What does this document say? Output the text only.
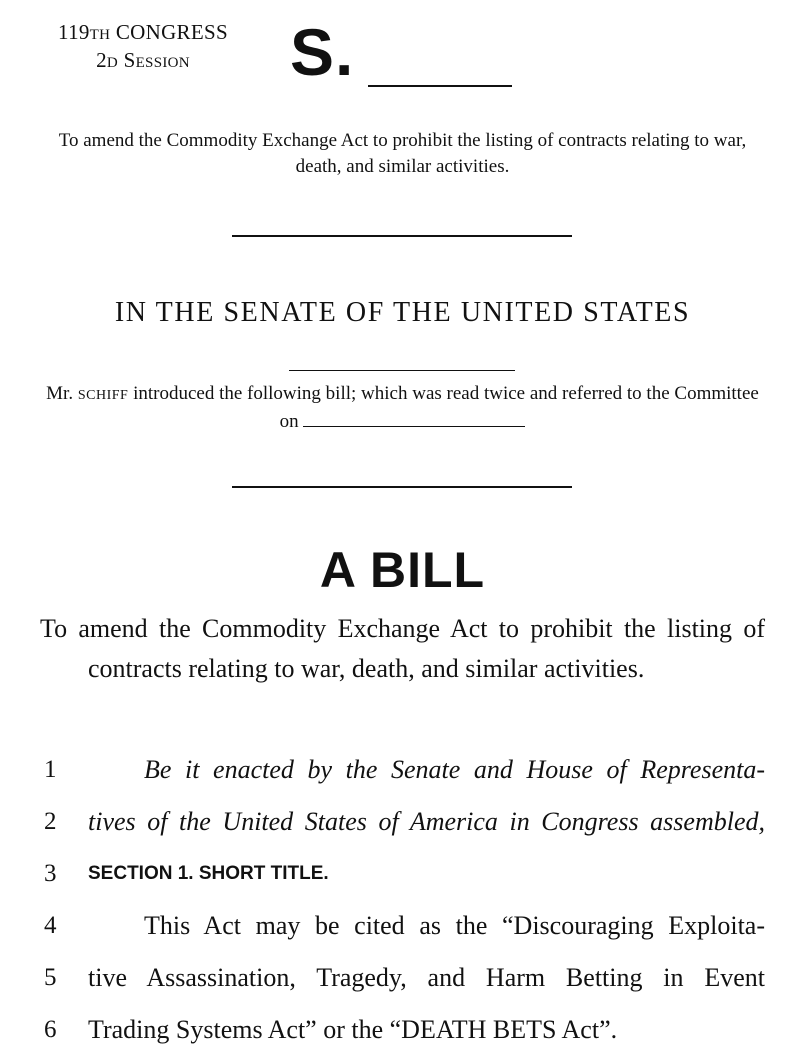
119TH CONGRESS
2D SESSION	S.
To amend the Commodity Exchange Act to prohibit the listing of contracts relating to war, death, and similar activities.
IN THE SENATE OF THE UNITED STATES
Mr. SCHIFF introduced the following bill; which was read twice and referred to the Committee on
A BILL
To amend the Commodity Exchange Act to prohibit the listing of contracts relating to war, death, and similar activities.
1	Be it enacted by the Senate and House of Representa-
2	tives of the United States of America in Congress assembled,
3	SECTION 1. SHORT TITLE.
4	This Act may be cited as the “Discouraging Exploita-
5	tive Assassination, Tragedy, and Harm Betting in Event
6	Trading Systems Act” or the “DEATH BETS Act”.
